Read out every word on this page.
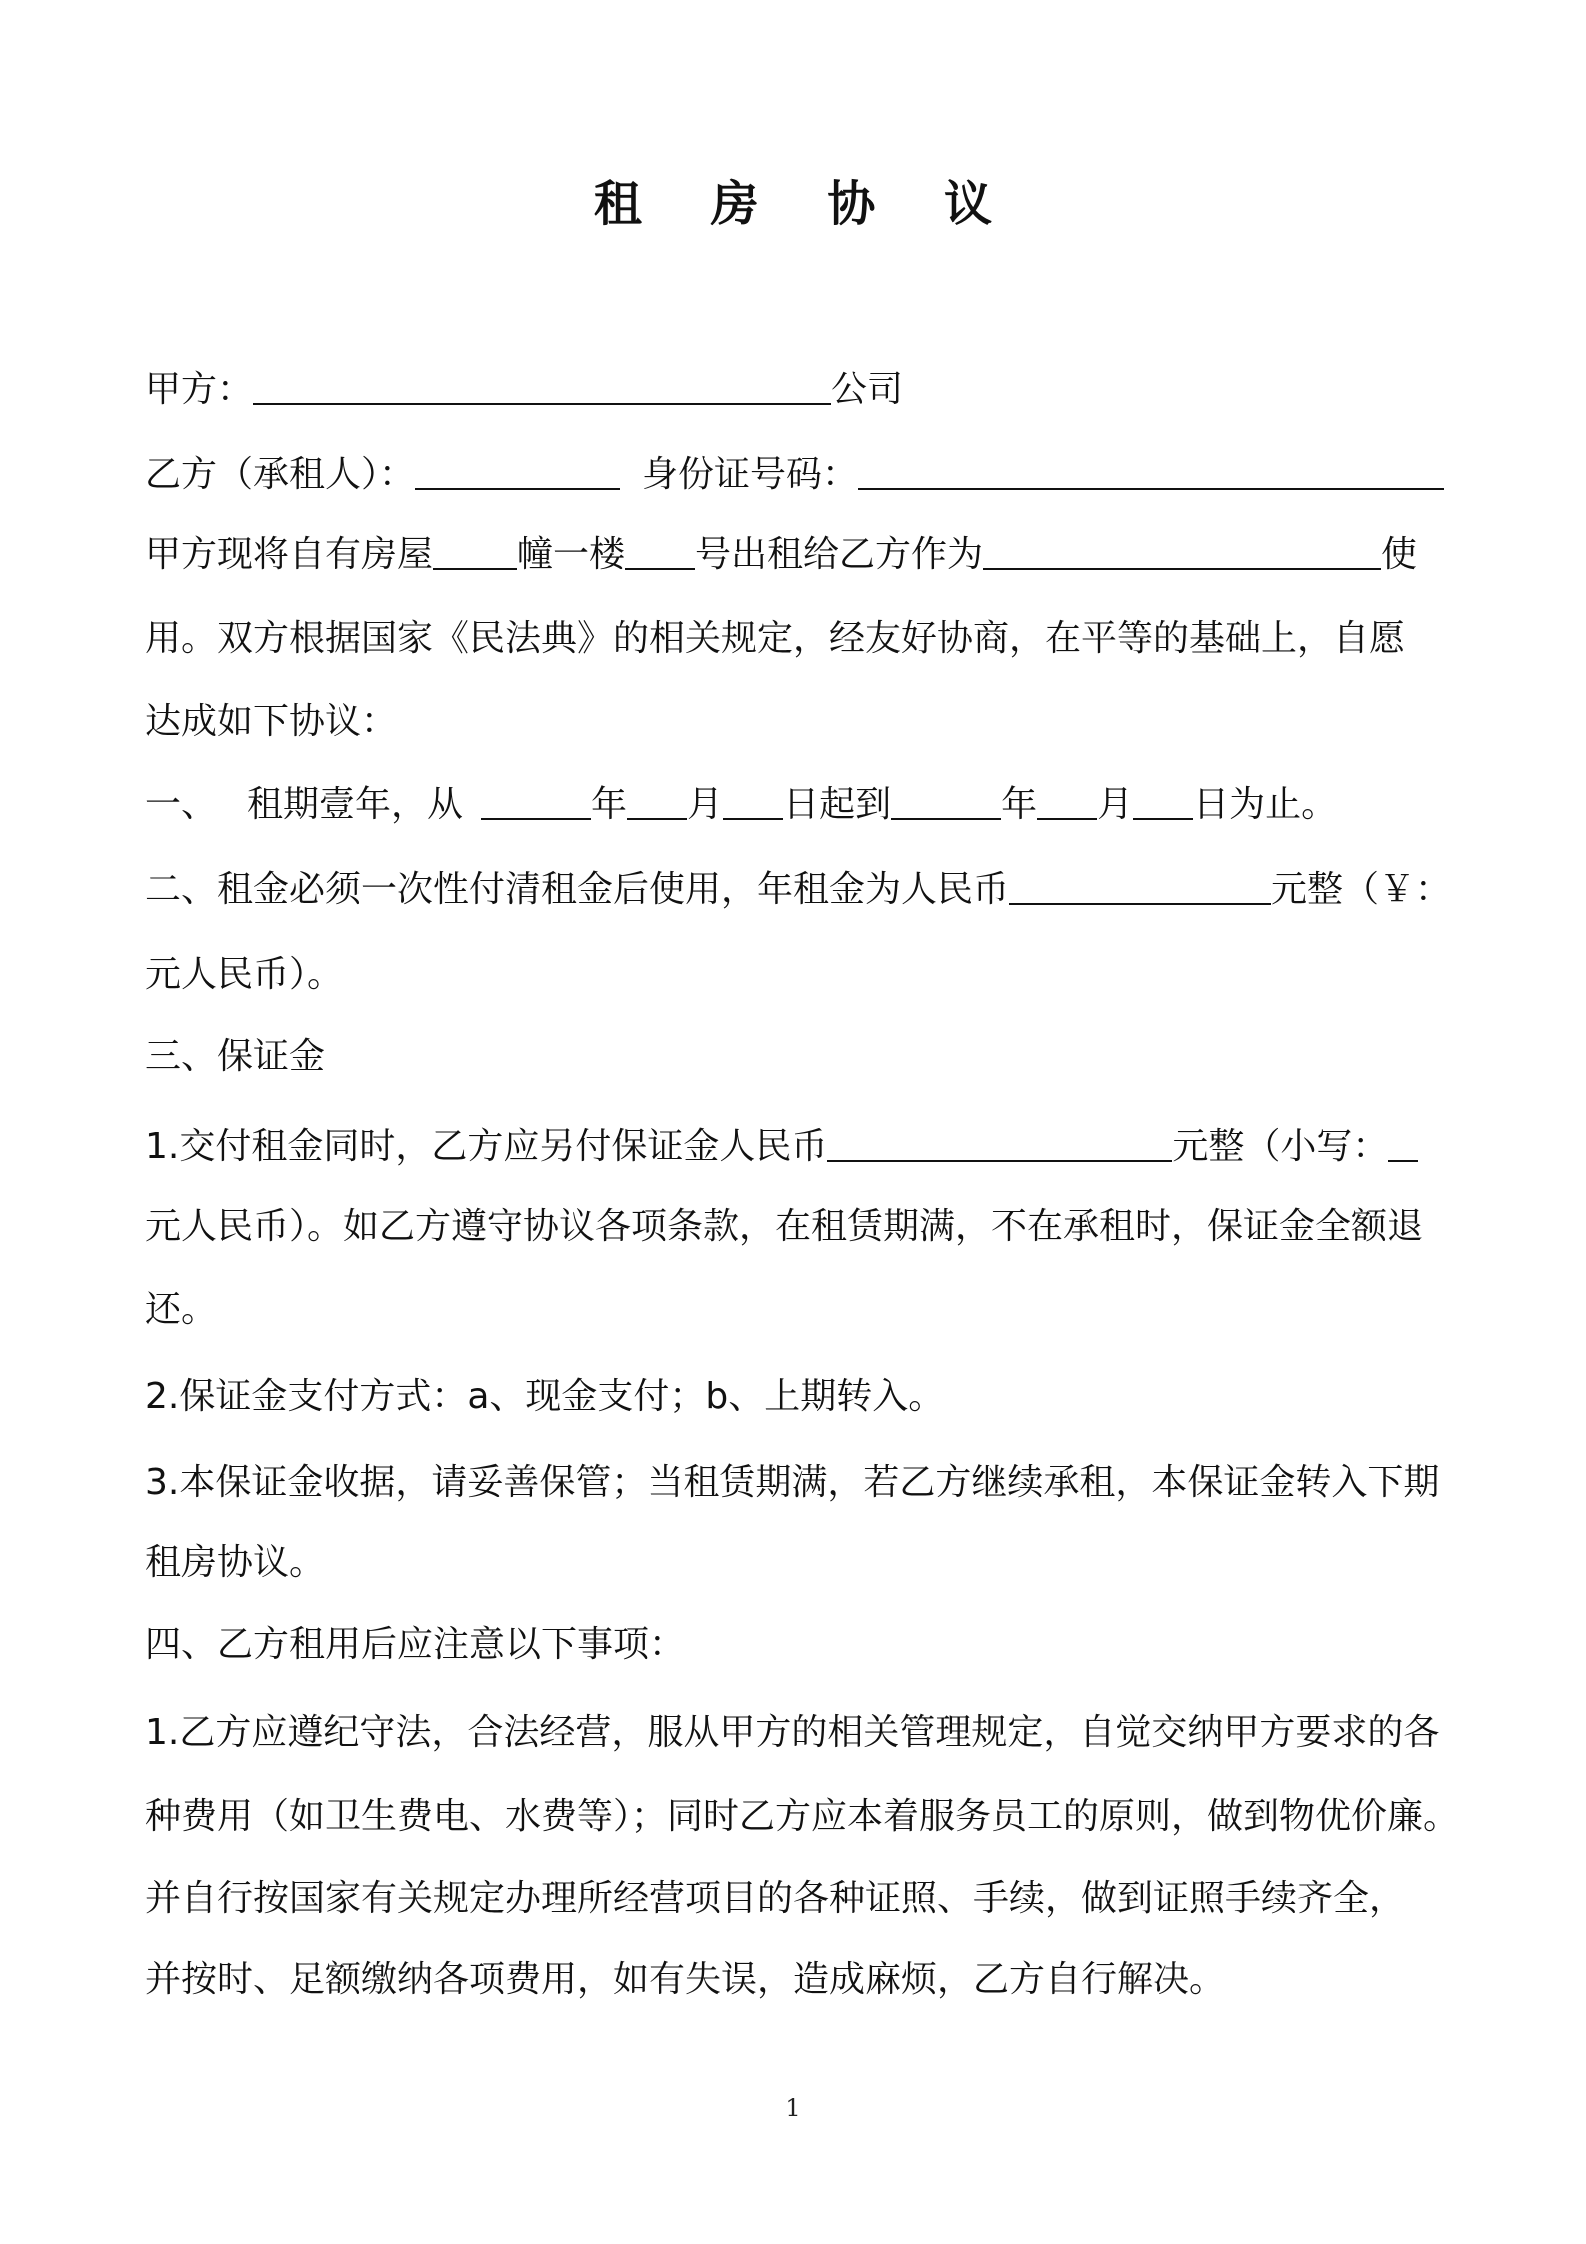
租 房 协 议
甲方：	公司
乙方（承租人）：	身份证号码：
甲方现将自有房屋 幢一楼 号出租给乙方作为	使
用。双方根据国家《民法典》的相关规定，经友好协商，在平等的基础上，自愿
达成如下协议：
一、 租期壹年，从	年 月 日起到	年 月 日为止。
二、租金必须一次性付清租金后使用，年租金为人民币	元整（￥：
元人民币）。
三、保证金
1.交付租金同时，乙方应另付保证金人民币	元整（小写：
元人民币）。如乙方遵守协议各项条款，在租赁期满，不在承租时，保证金全额退
还。
2.保证金支付方式：a、现金支付；b、上期转入。
3.本保证金收据，请妥善保管；当租赁期满，若乙方继续承租，本保证金转入下期
租房协议。
四、乙方租用后应注意以下事项：
1.乙方应遵纪守法，合法经营，服从甲方的相关管理规定，自觉交纳甲方要求的各
种费用（如卫生费电、水费等）；同时乙方应本着服务员工的原则，做到物优价廉。
并自行按国家有关规定办理所经营项目的各种证照、手续，做到证照手续齐全，
并按时、足额缴纳各项费用，如有失误，造成麻烦，乙方自行解决。
1
